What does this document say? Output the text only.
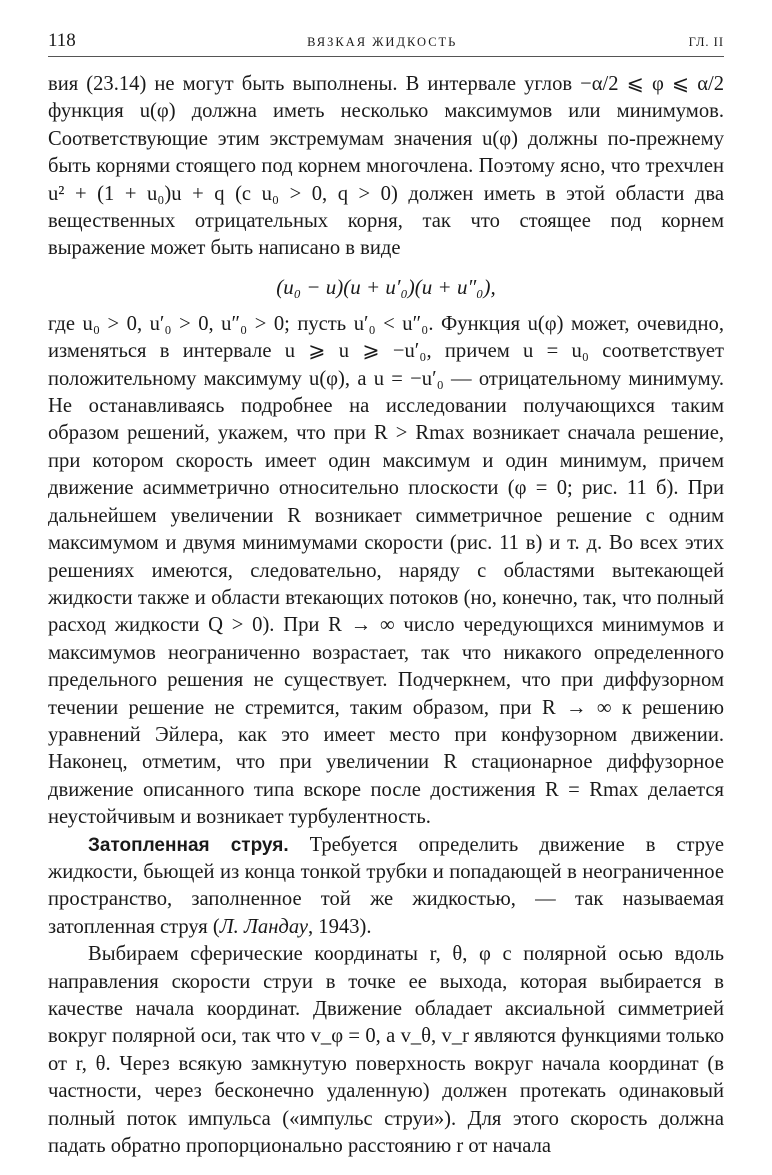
118	ВЯЗКАЯ ЖИДКОСТЬ	ГЛ. II

вия (23.14) не могут быть выполнены. В интервале углов −α/2 ⩽ φ ⩽ α/2 функция u(φ) должна иметь несколько максимумов или минимумов. Соответствующие этим экстремумам значения u(φ) должны по-прежнему быть корнями стоящего под корнем многочлена. Поэтому ясно, что трехчлен u² + (1 + u₀)u + q (с u₀ > 0, q > 0) должен иметь в этой области два вещественных отрицательных корня, так что стоящее под корнем выражение может быть написано в виде

(u₀ − u)(u + u′₀)(u + u″₀),

где u₀ > 0, u′₀ > 0, u″₀ > 0; пусть u′₀ < u″₀. Функция u(φ) может, очевидно, изменяться в интервале u ⩾ u ⩾ −u′₀, причем u = u₀ соответствует положительному максимуму u(φ), а u = −u′₀ — отрицательному минимуму. Не останавливаясь подробнее на исследовании получающихся таким образом решений, укажем, что при R > Rmax возникает сначала решение, при котором скорость имеет один максимум и один минимум, причем движение асимметрично относительно плоскости (φ = 0; рис. 11 б). При дальнейшем увеличении R возникает симметричное решение с одним максимумом и двумя минимумами скорости (рис. 11 в) и т. д. Во всех этих решениях имеются, следовательно, наряду с областями вытекающей жидкости также и области втекающих потоков (но, конечно, так, что полный расход жидкости Q > 0). При R → ∞ число чередующихся минимумов и максимумов неограниченно возрастает, так что никакого определенного предельного решения не существует. Подчеркнем, что при диффузорном течении решение не стремится, таким образом, при R → ∞ к решению уравнений Эйлера, как это имеет место при конфузорном движении. Наконец, отметим, что при увеличении R стационарное диффузорное движение описанного типа вскоре после достижения R = Rmax делается неустойчивым и возникает турбулентность.

Затопленная струя. Требуется определить движение в струе жидкости, бьющей из конца тонкой трубки и попадающей в неограниченное пространство, заполненное той же жидкостью, — так называемая затопленная струя (Л. Ландау, 1943).

Выбираем сферические координаты r, θ, φ с полярной осью вдоль направления скорости струи в точке ее выхода, которая выбирается в качестве начала координат. Движение обладает аксиальной симметрией вокруг полярной оси, так что v_φ = 0, а v_θ, v_r являются функциями только от r, θ. Через всякую замкнутую поверхность вокруг начала координат (в частности, через бесконечно удаленную) должен протекать одинаковый полный поток импульса («импульс струи»). Для этого скорость должна падать обратно пропорционально расстоянию r от начала
